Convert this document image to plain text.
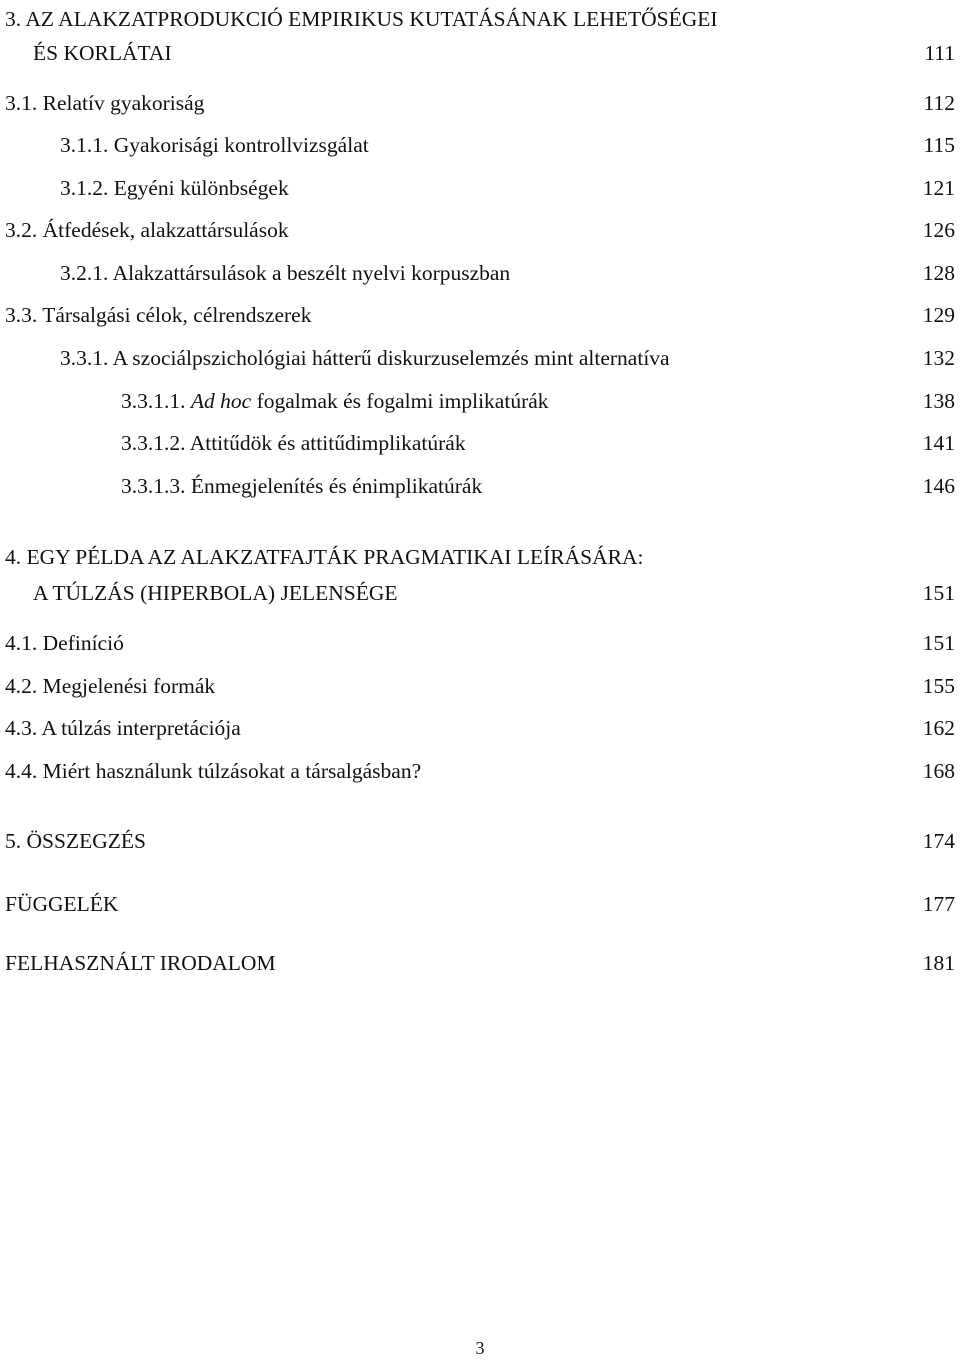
3. AZ ALAKZATPRODUKCIÓ EMPIRIKUS KUTATÁSÁNAK LEHETŐSÉGEI
ÉS KORLÁTAI	111
3.1. Relatív gyakoriság	112
3.1.1. Gyakorisági kontrollvizsgálat	115
3.1.2. Egyéni különbségek	121
3.2. Átfedések, alakzattársulások	126
3.2.1. Alakzattársulások a beszélt nyelvi korpuszban	128
3.3. Társalgási célok, célrendszerek	129
3.3.1. A szociálpszichológiai hátterű diskurzuselemzés mint alternatíva	132
3.3.1.1. Ad hoc fogalmak és fogalmi implikatúrák	138
3.3.1.2. Attitűdök és attitűdimplikatúrák	141
3.3.1.3. Énmegjelenítés és énimplikatúrák	146
4. EGY PÉLDA AZ ALAKZATFAJTÁK PRAGMATIKAI LEÍRÁSÁRA:
A TÚLZÁS (HIPERBOLA) JELENSÉGE	151
4.1. Definíció	151
4.2. Megjelenési formák	155
4.3. A túlzás interpretációja	162
4.4. Miért használunk túlzásokat a társalgásban?	168
5. ÖSSZEGZÉS	174
FÜGGELÉK	177
FELHASZNÁLT IRODALOM	181
3
